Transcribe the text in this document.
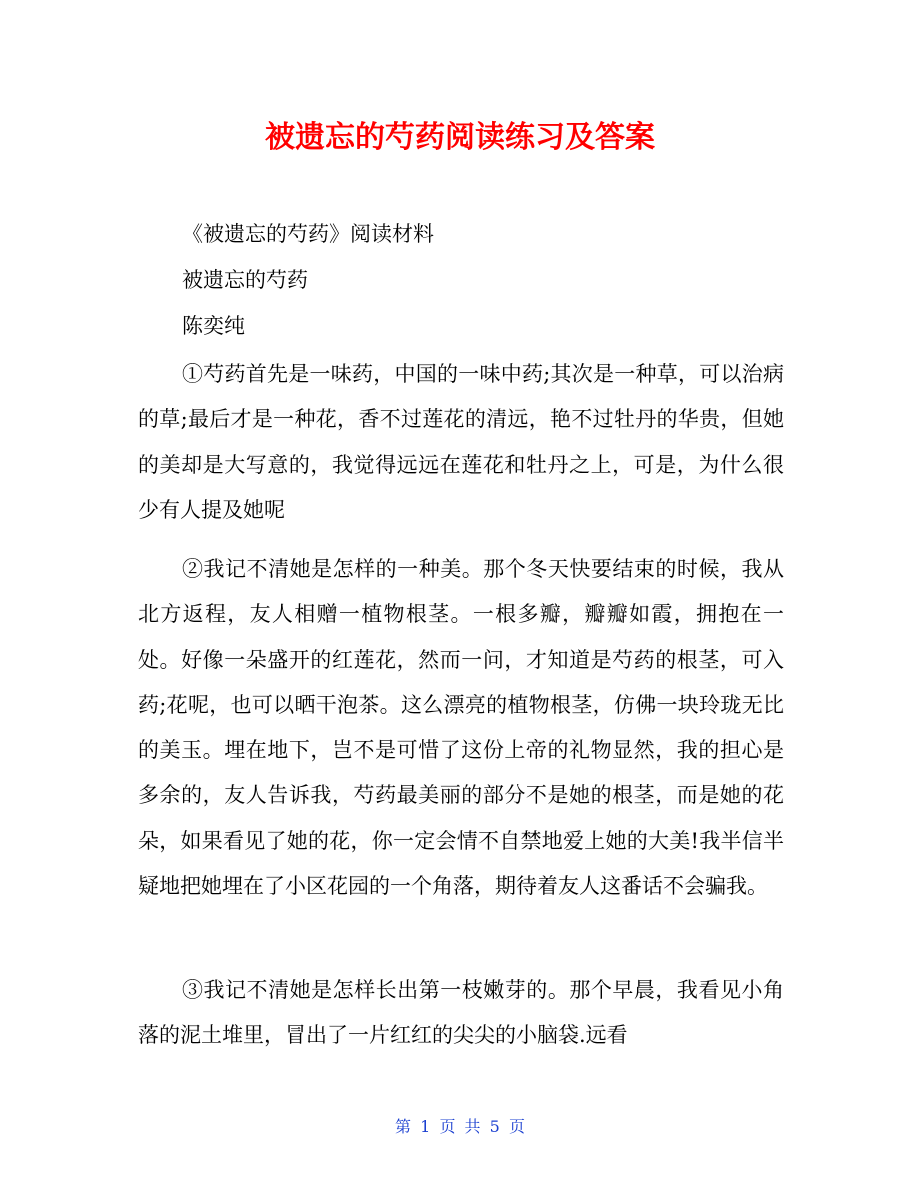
被遗忘的芍药阅读练习及答案

《被遗忘的芍药》阅读材料

被遗忘的芍药

陈奕纯

①芍药首先是一味药，中国的一味中药;其次是一种草，可以治病的草;最后才是一种花，香不过莲花的清远，艳不过牡丹的华贵，但她的美却是大写意的，我觉得远远在莲花和牡丹之上，可是，为什么很少有人提及她呢

②我记不清她是怎样的一种美。那个冬天快要结束的时候，我从北方返程，友人相赠一植物根茎。一根多瓣，瓣瓣如霞，拥抱在一处。好像一朵盛开的红莲花，然而一问，才知道是芍药的根茎，可入药;花呢，也可以晒干泡茶。这么漂亮的植物根茎，仿佛一块玲珑无比的美玉。埋在地下，岂不是可惜了这份上帝的礼物显然，我的担心是多余的，友人告诉我，芍药最美丽的部分不是她的根茎，而是她的花朵，如果看见了她的花，你一定会情不自禁地爱上她的大美!我半信半疑地把她埋在了小区花园的一个角落，期待着友人这番话不会骗我。

③我记不清她是怎样长出第一枝嫩芽的。那个早晨，我看见小角落的泥土堆里，冒出了一片红红的尖尖的小脑袋.远看

第 1 页 共 5 页
